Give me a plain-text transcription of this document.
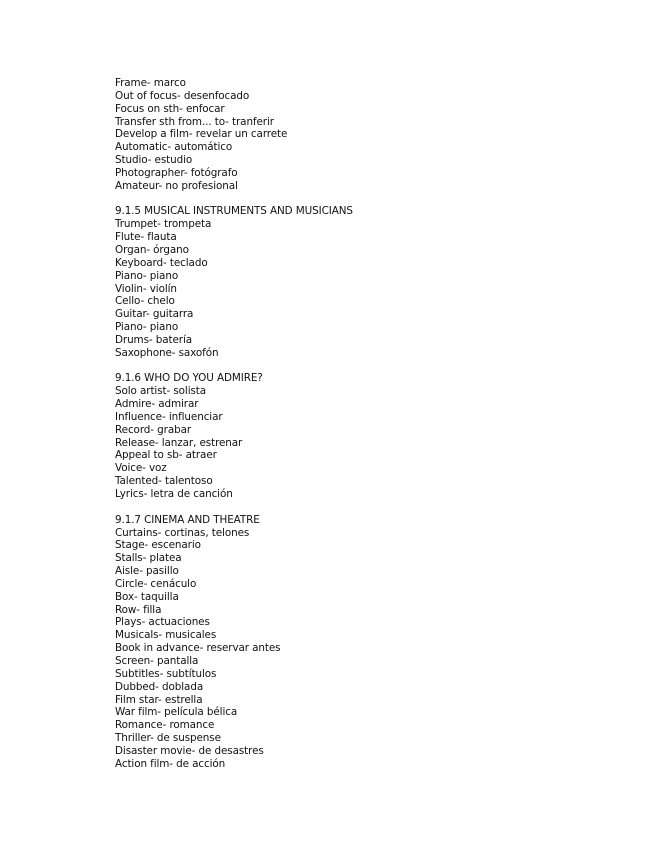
Frame- marco
Out of focus- desenfocado
Focus on sth- enfocar
Transfer sth from... to- tranferir
Develop a film- revelar un carrete
Automatic- automático
Studio- estudio
Photographer- fotógrafo
Amateur- no profesional
9.1.5 MUSICAL INSTRUMENTS AND MUSICIANS
Trumpet- trompeta
Flute- flauta
Organ- órgano
Keyboard- teclado
Piano- piano
Violin- violín
Cello- chelo
Guitar- guitarra
Piano- piano
Drums- batería
Saxophone- saxofón
9.1.6 WHO DO YOU ADMIRE?
Solo artist- solista
Admire- admirar
Influence- influenciar
Record- grabar
Release- lanzar, estrenar
Appeal to sb- atraer
Voice- voz
Talented- talentoso
Lyrics- letra de canción
9.1.7 CINEMA AND THEATRE
Curtains- cortinas, telones
Stage- escenario
Stalls- platea
Aisle- pasillo
Circle- cenáculo
Box- taquilla
Row- filla
Plays- actuaciones
Musicals- musicales
Book in advance- reservar antes
Screen- pantalla
Subtitles- subtítulos
Dubbed- doblada
Film star- estrella
War film- película bélica
Romance- romance
Thriller- de suspense
Disaster movie- de desastres
Action film- de acción
